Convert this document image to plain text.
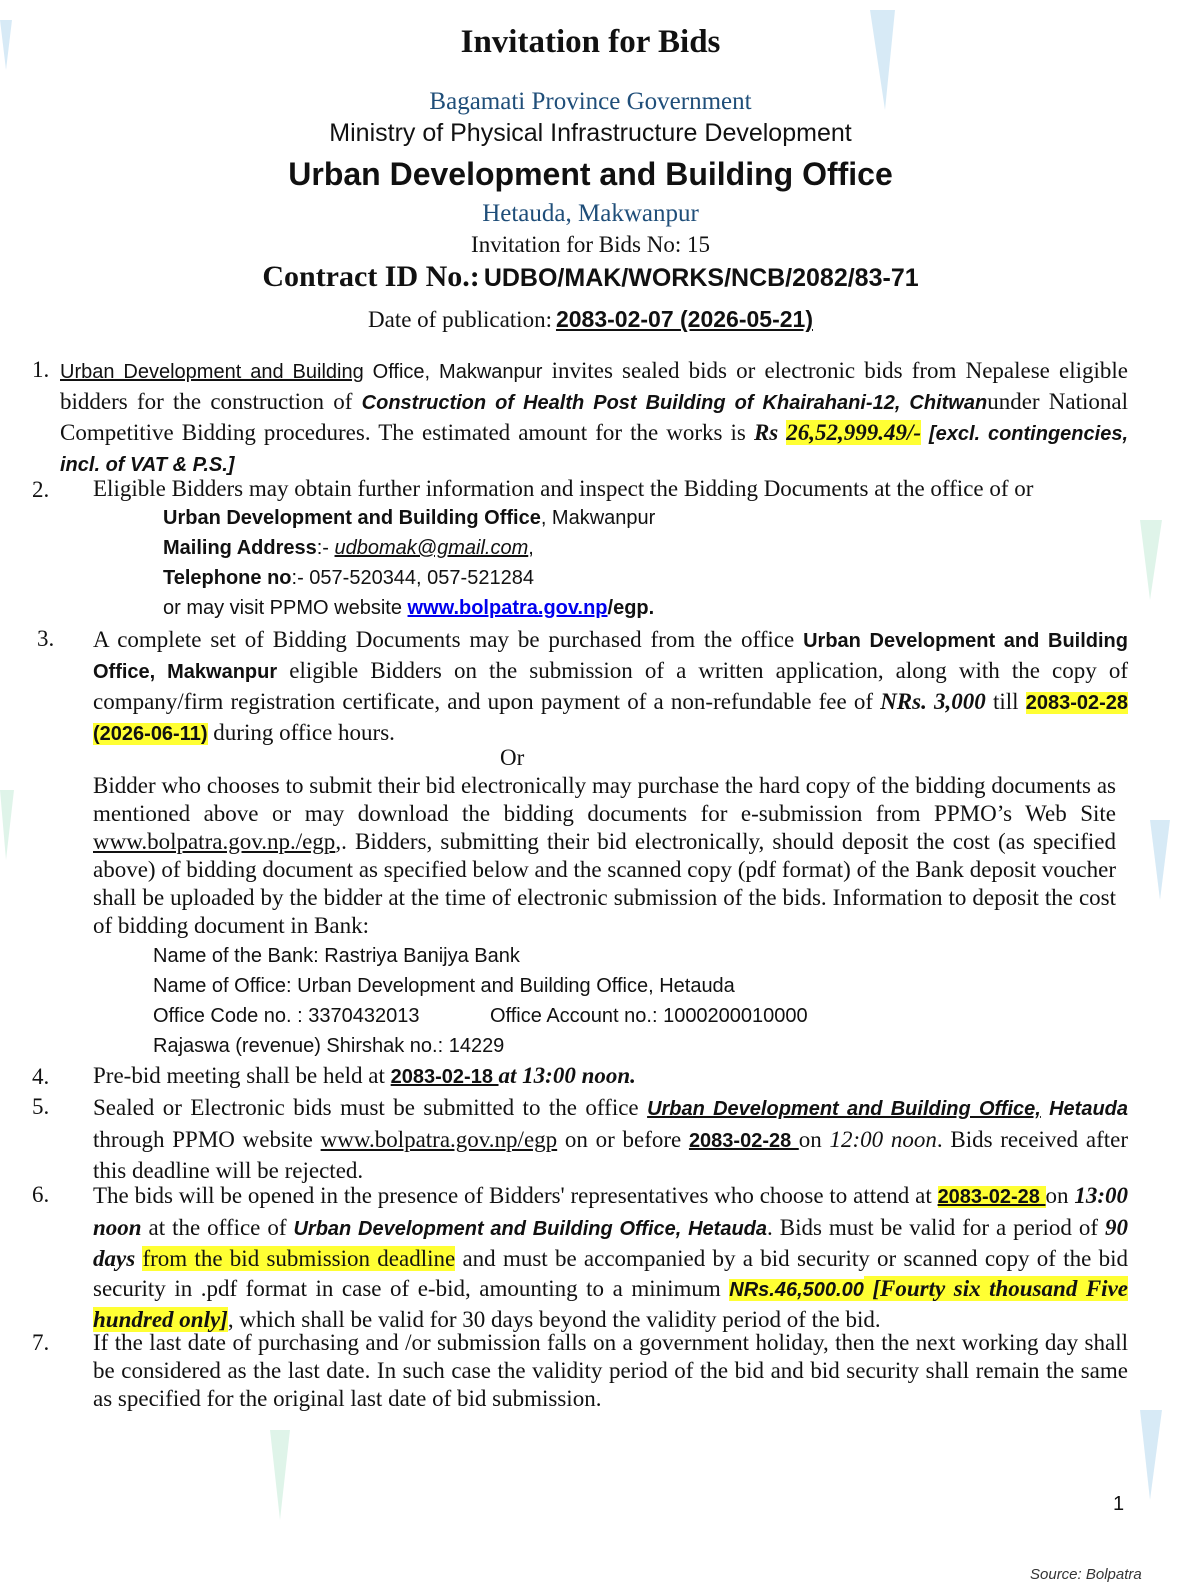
Invitation for Bids
Bagamati Province Government
Ministry of Physical Infrastructure Development
Urban Development and Building Office
Hetauda, Makwanpur
Invitation for Bids No: 15
Contract ID No.: UDBO/MAK/WORKS/NCB/2082/83-71
Date of publication: 2083-02-07 (2026-05-21)
1. Urban Development and Building Office, Makwanpur invites sealed bids or electronic bids from Nepalese eligible bidders for the construction of Construction of Health Post Building of Khairahani-12, Chitwanunder National Competitive Bidding procedures. The estimated amount for the works is Rs 26,52,999.49/- [excl. contingencies, incl. of VAT & P.S.]
2. Eligible Bidders may obtain further information and inspect the Bidding Documents at the office of or
Urban Development and Building Office, Makwanpur
Mailing Address:- udbomak@gmail.com,
Telephone no:- 057-520344, 057-521284
or may visit PPMO website www.bolpatra.gov.np/egp.
3. A complete set of Bidding Documents may be purchased from the office Urban Development and Building Office, Makwanpur eligible Bidders on the submission of a written application, along with the copy of company/firm registration certificate, and upon payment of a non-refundable fee of NRs. 3,000 till 2083-02-28 (2026-06-11) during office hours.
Or
Bidder who chooses to submit their bid electronically may purchase the hard copy of the bidding documents as mentioned above or may download the bidding documents for e-submission from PPMO’s Web Site www.bolpatra.gov.np./egp,. Bidders, submitting their bid electronically, should deposit the cost (as specified above) of bidding document as specified below and the scanned copy (pdf format) of the Bank deposit voucher shall be uploaded by the bidder at the time of electronic submission of the bids. Information to deposit the cost of bidding document in Bank:
Name of the Bank: Rastriya Banijya Bank
Name of Office: Urban Development and Building Office, Hetauda
Office Code no. : 3370432013	Office Account no.: 1000200010000
Rajaswa (revenue) Shirshak no.: 14229
4. Pre-bid meeting shall be held at 2083-02-18 at 13:00 noon.
5. Sealed or Electronic bids must be submitted to the office Urban Development and Building Office, Hetauda through PPMO website www.bolpatra.gov.np/egp on or before 2083-02-28 on 12:00 noon. Bids received after this deadline will be rejected.
6. The bids will be opened in the presence of Bidders' representatives who choose to attend at 2083-02-28 on 13:00 noon at the office of Urban Development and Building Office, Hetauda. Bids must be valid for a period of 90 days from the bid submission deadline and must be accompanied by a bid security or scanned copy of the bid security in .pdf format in case of e-bid, amounting to a minimum NRs.46,500.00 [Fourty six thousand Five hundred only], which shall be valid for 30 days beyond the validity period of the bid.
7. If the last date of purchasing and /or submission falls on a government holiday, then the next working day shall be considered as the last date. In such case the validity period of the bid and bid security shall remain the same as specified for the original last date of bid submission.
1
Source: Bolpatra
